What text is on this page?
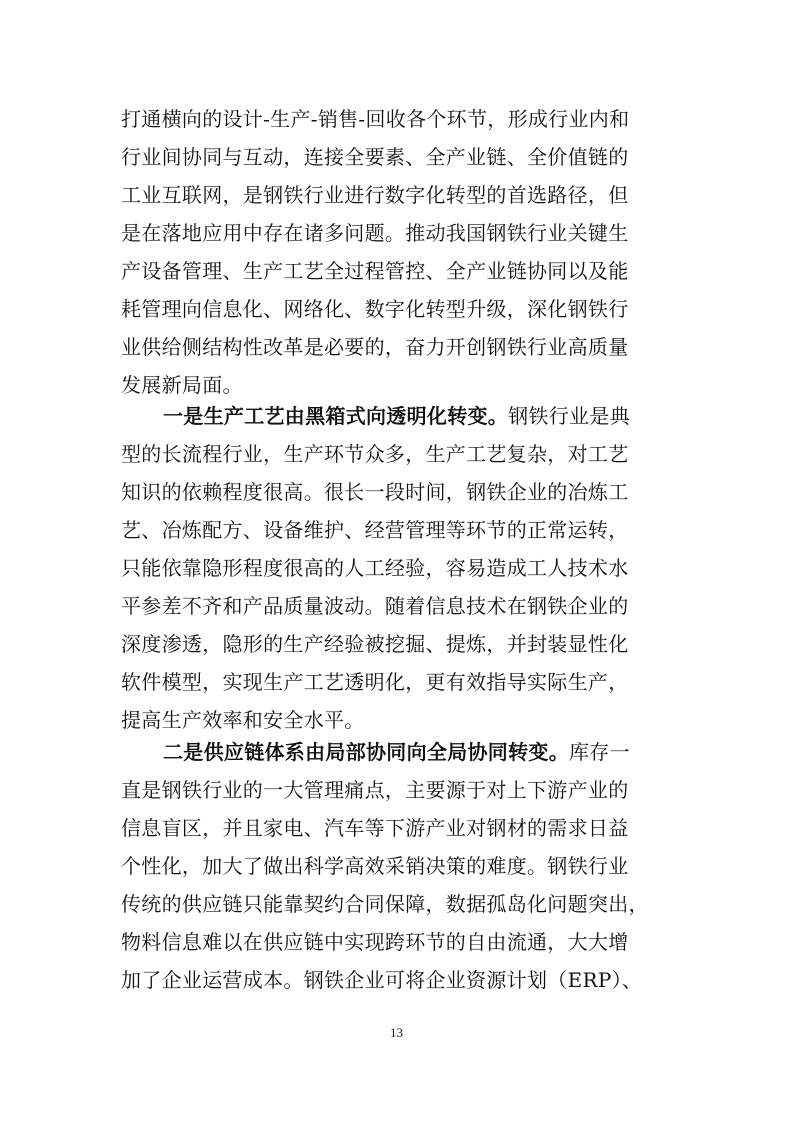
打通横向的设计-生产-销售-回收各个环节，形成行业内和
行业间协同与互动，连接全要素、全产业链、全价值链的
工业互联网，是钢铁行业进行数字化转型的首选路径，但
是在落地应用中存在诸多问题。推动我国钢铁行业关键生
产设备管理、生产工艺全过程管控、全产业链协同以及能
耗管理向信息化、网络化、数字化转型升级，深化钢铁行
业供给侧结构性改革是必要的，奋力开创钢铁行业高质量
发展新局面。
一是生产工艺由黑箱式向透明化转变。钢铁行业是典
型的长流程行业，生产环节众多，生产工艺复杂，对工艺
知识的依赖程度很高。很长一段时间，钢铁企业的冶炼工
艺、冶炼配方、设备维护、经营管理等环节的正常运转，
只能依靠隐形程度很高的人工经验，容易造成工人技术水
平参差不齐和产品质量波动。随着信息技术在钢铁企业的
深度渗透，隐形的生产经验被挖掘、提炼，并封装显性化
软件模型，实现生产工艺透明化，更有效指导实际生产，
提高生产效率和安全水平。
二是供应链体系由局部协同向全局协同转变。库存一
直是钢铁行业的一大管理痛点，主要源于对上下游产业的
信息盲区，并且家电、汽车等下游产业对钢材的需求日益
个性化，加大了做出科学高效采销决策的难度。钢铁行业
传统的供应链只能靠契约合同保障，数据孤岛化问题突出，
物料信息难以在供应链中实现跨环节的自由流通，大大增
加了企业运营成本。钢铁企业可将企业资源计划（ERP）、
13
